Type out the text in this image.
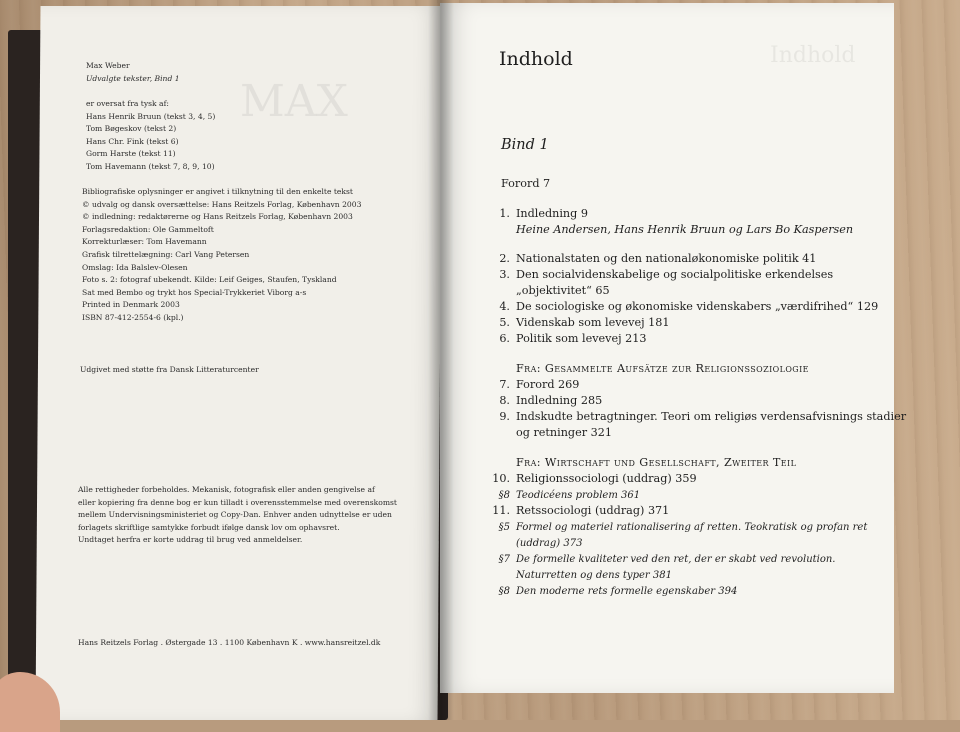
MAX
Indhold
Max Weber
Udvalgte tekster, Bind 1
er oversat fra tysk af:
Hans Henrik Bruun (tekst 3, 4, 5)
Tom Bøgeskov (tekst 2)
Hans Chr. Fink (tekst 6)
Gorm Harste (tekst 11)
Tom Havemann (tekst 7, 8, 9, 10)
Bibliografiske oplysninger er angivet i tilknytning til den enkelte tekst
© udvalg og dansk oversættelse: Hans Reitzels Forlag, København 2003
© indledning: redaktørerne og Hans Reitzels Forlag, København 2003
Forlagsredaktion: Ole Gammeltoft
Korrekturlæser: Tom Havemann
Grafisk tilrettelægning: Carl Vang Petersen
Omslag: Ida Balslev-Olesen
Foto s. 2: fotograf ubekendt. Kilde: Leif Geiges, Staufen, Tyskland
Sat med Bembo og trykt hos Special-Trykkeriet Viborg a-s
Printed in Denmark 2003
ISBN 87-412-2554-6 (kpl.)
Udgivet med støtte fra Dansk Litteraturcenter
Alle rettigheder forbeholdes. Mekanisk, fotografisk eller anden gengivelse af
eller kopiering fra denne bog er kun tilladt i overensstemmelse med overenskomst
mellem Undervisningsministeriet og Copy-Dan. Enhver anden udnyttelse er uden
forlagets skriftlige samtykke forbudt ifølge dansk lov om ophavsret.
Undtaget herfra er korte uddrag til brug ved anmeldelser.
Hans Reitzels Forlag . Østergade 13 . 1100 København K . www.hansreitzel.dk
Indhold
Bind 1
Forord 7
1. Indledning 9
Heine Andersen, Hans Henrik Bruun og Lars Bo Kaspersen
2. Nationalstaten og den nationaløkonomiske politik 41
3. Den socialvidenskabelige og socialpolitiske erkendelses
„objektivitet“ 65
4. De sociologiske og økonomiske videnskabers „værdifrihed“ 129
5. Videnskab som levevej 181
6. Politik som levevej 213
Fra: Gesammelte Aufsätze zur Religionssoziologie
7. Forord 269
8. Indledning 285
9. Indskudte betragtninger. Teori om religiøs verdensafvisnings stadier
og retninger 321
Fra: Wirtschaft und Gesellschaft, Zweiter Teil
10. Religionssociologi (uddrag) 359
§8 Teodicéens problem 361
11. Retssociologi (uddrag) 371
§5 Formel og materiel rationalisering af retten. Teokratisk og profan ret
(uddrag) 373
§7 De formelle kvaliteter ved den ret, der er skabt ved revolution.
Naturretten og dens typer 381
§8 Den moderne rets formelle egenskaber 394
